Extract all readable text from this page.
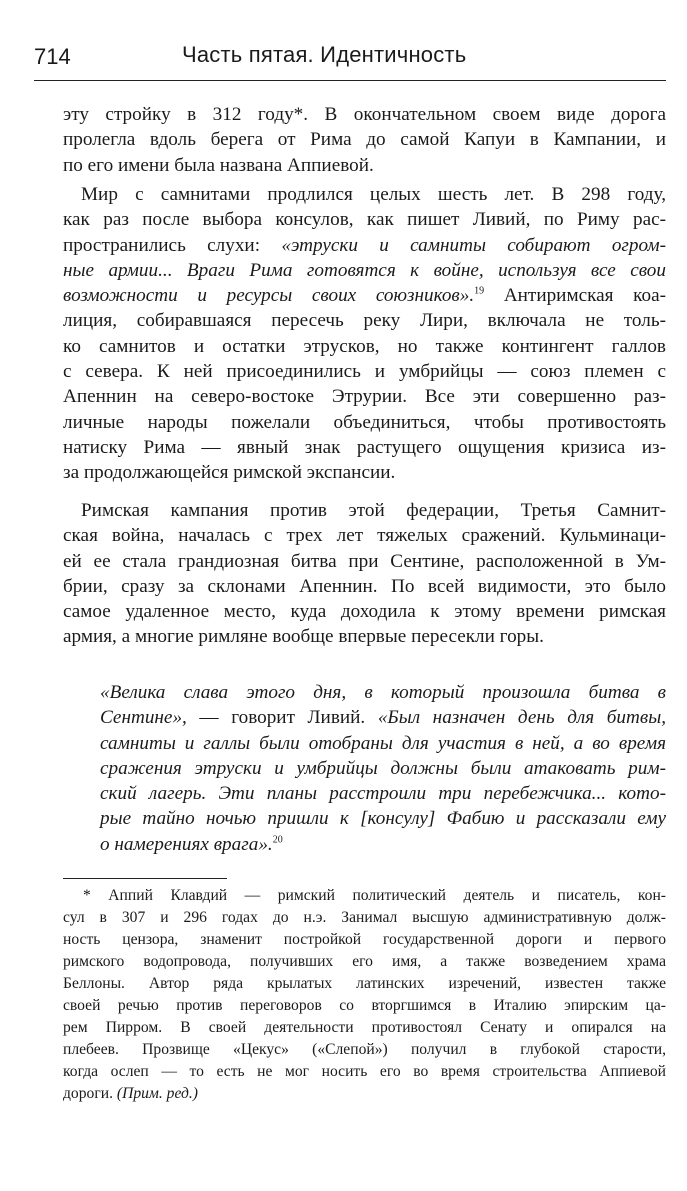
714	Часть пятая. Идентичность
эту стройку в 312 году*. В окончательном своем виде дорога
пролегла вдоль берега от Рима до самой Капуи в Кампании, и
по его имени была названа Аппиевой.
Мир с самнитами продлился целых шесть лет. В 298 году,
как раз после выбора консулов, как пишет Ливий, по Риму рас-
пространились слухи: «этруски и самниты собирают огром-
ные армии... Враги Рима готовятся к войне, используя все свои
возможности и ресурсы своих союзников».$^{19}$ Антиримская коа-
лиция, собиравшаяся пересечь реку Лири, включала не толь-
ко самнитов и остатки этрусков, но также контингент галлов
с севера. К ней присоединились и умбрийцы — союз племен с
Апеннин на северо-востоке Этрурии. Все эти совершенно раз-
личные народы пожелали объединиться, чтобы противостоять
натиску Рима — явный знак растущего ощущения кризиса из-
за продолжающейся римской экспансии.
Римская кампания против этой федерации, Третья Самнит-
ская война, началась с трех лет тяжелых сражений. Кульминаци-
ей ее стала грандиозная битва при Сентине, расположенной в Ум-
брии, сразу за склонами Апеннин. По всей видимости, это было
самое удаленное место, куда доходила к этому времени римская
армия, а многие римляне вообще впервые пересекли горы.
«Велика слава этого дня, в который произошла битва в
Сентине», — говорит Ливий. «Был назначен день для битвы,
самниты и галлы были отобраны для участия в ней, а во время
сражения этруски и умбрийцы должны были атаковать рим-
ский лагерь. Эти планы расстроили три перебежчика... кото-
рые тайно ночью пришли к [консулу] Фабию и рассказали ему
о намерениях врага».$^{20}$
* Аппий Клавдий — римский политический деятель и писатель, кон-
сул в 307 и 296 годах до н.э. Занимал высшую административную долж-
ность цензора, знаменит постройкой государственной дороги и первого
римского водопровода, получивших его имя, а также возведением храма
Беллоны. Автор ряда крылатых латинских изречений, известен также
своей речью против переговоров со вторгшимся в Италию эпирским ца-
рем Пирром. В своей деятельности противостоял Сенату и опирался на
плебеев. Прозвище «Цекус» («Слепой») получил в глубокой старости,
когда ослеп — то есть не мог носить его во время строительства Аппиевой
дороги. (Прим. ред.)
